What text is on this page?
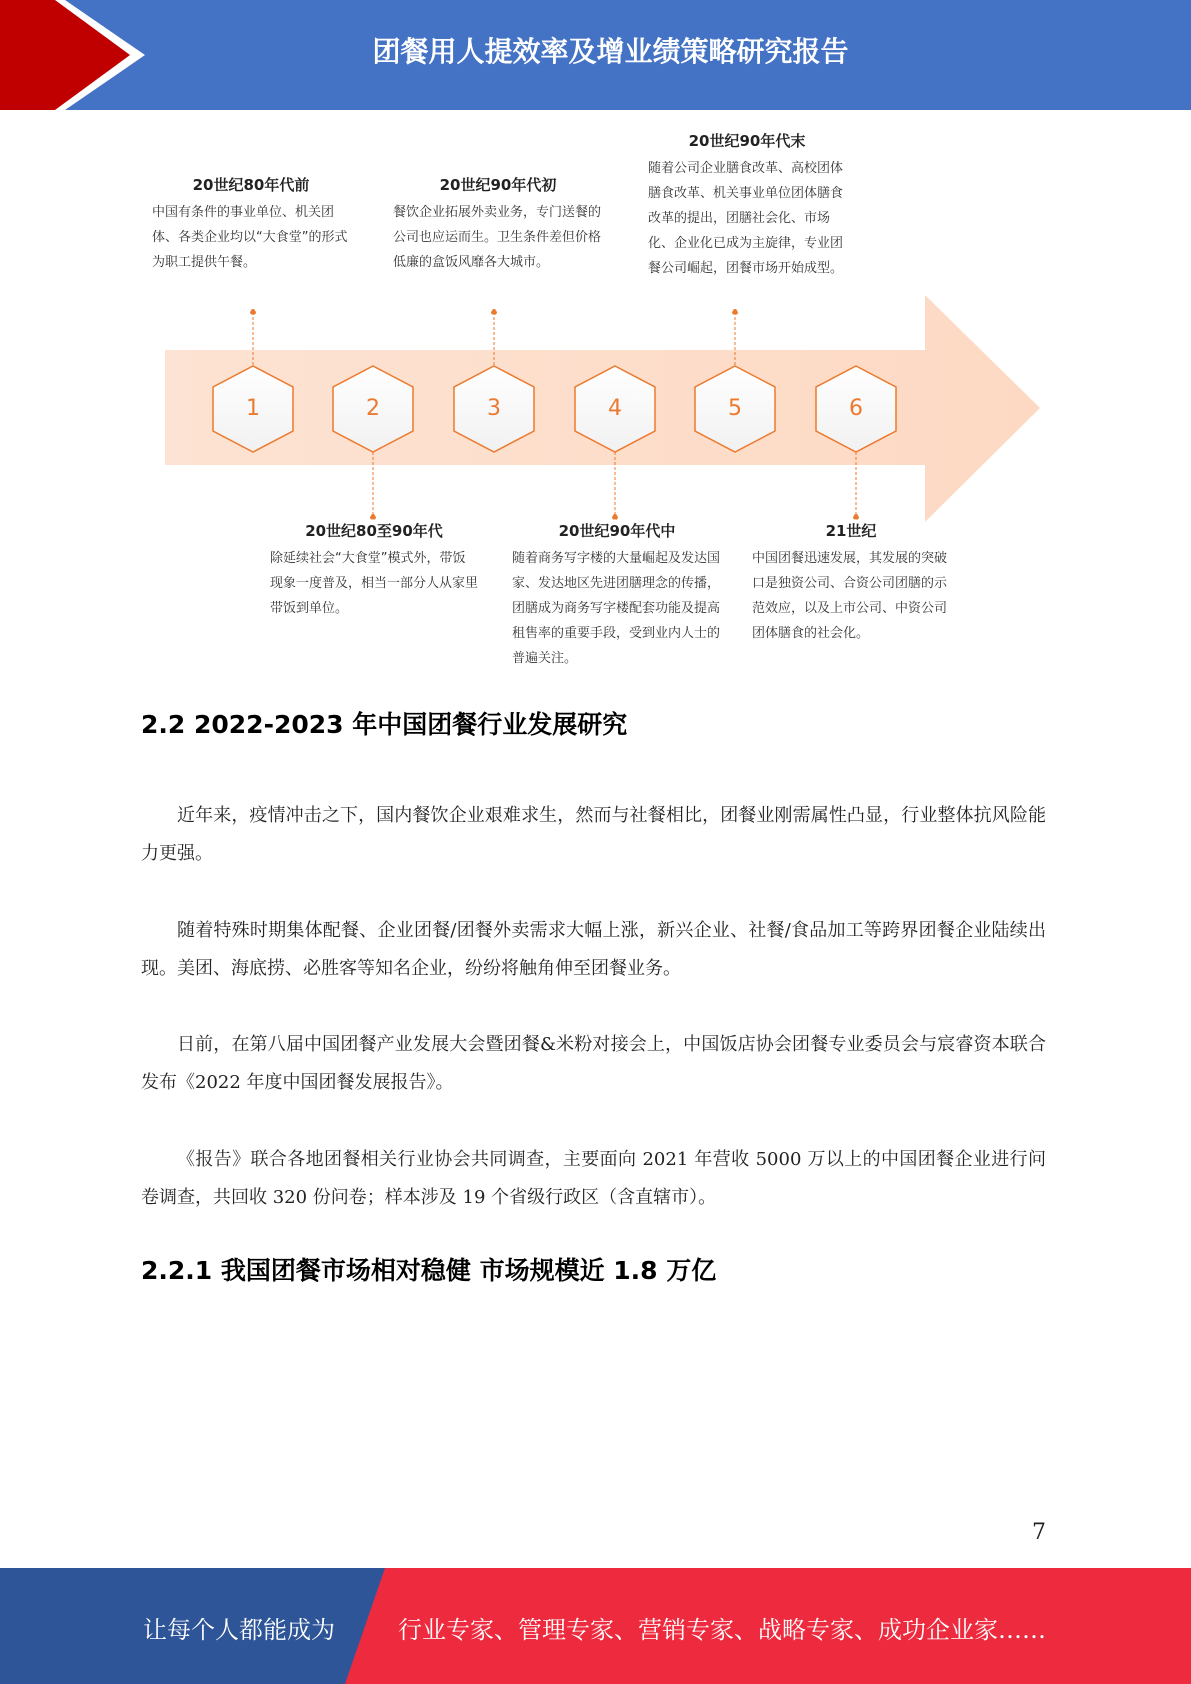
团餐用人提效率及增业绩策略研究报告
1	2	3	4	5	6
20世纪80年代前
中国有条件的事业单位、机关团体、各类企业均以“大食堂”的形式为职工提供午餐。
20世纪90年代初
餐饮企业拓展外卖业务，专门送餐的公司也应运而生。卫生条件差但价格低廉的盒饭风靡各大城市。
20世纪90年代末
随着公司企业膳食改革、高校团体膳食改革、机关事业单位团体膳食改革的提出，团膳社会化、市场化、企业化已成为主旋律，专业团餐公司崛起，团餐市场开始成型。
20世纪80至90年代
除延续社会“大食堂”模式外，带饭现象一度普及，相当一部分人从家里带饭到单位。
20世纪90年代中
随着商务写字楼的大量崛起及发达国家、发达地区先进团膳理念的传播，团膳成为商务写字楼配套功能及提高租售率的重要手段，受到业内人士的普遍关注。
21世纪
中国团餐迅速发展，其发展的突破口是独资公司、合资公司团膳的示范效应，以及上市公司、中资公司团体膳食的社会化。
2.2 2022-2023 年中国团餐行业发展研究
近年来，疫情冲击之下，国内餐饮企业艰难求生，然而与社餐相比，团餐业刚需属性凸显，行业整体抗风险能力更强。
随着特殊时期集体配餐、企业团餐/团餐外卖需求大幅上涨，新兴企业、社餐/食品加工等跨界团餐企业陆续出现。美团、海底捞、必胜客等知名企业，纷纷将触角伸至团餐业务。
日前，在第八届中国团餐产业发展大会暨团餐&米粉对接会上，中国饭店协会团餐专业委员会与宸睿资本联合发布《2022 年度中国团餐发展报告》。
《报告》联合各地团餐相关行业协会共同调查，主要面向 2021 年营收 5000 万以上的中国团餐企业进行问卷调查，共回收 320 份问卷；样本涉及 19 个省级行政区（含直辖市）。
2.2.1 我国团餐市场相对稳健 市场规模近 1.8 万亿
7
让每个人都能成为	行业专家、管理专家、营销专家、战略专家、成功企业家……
